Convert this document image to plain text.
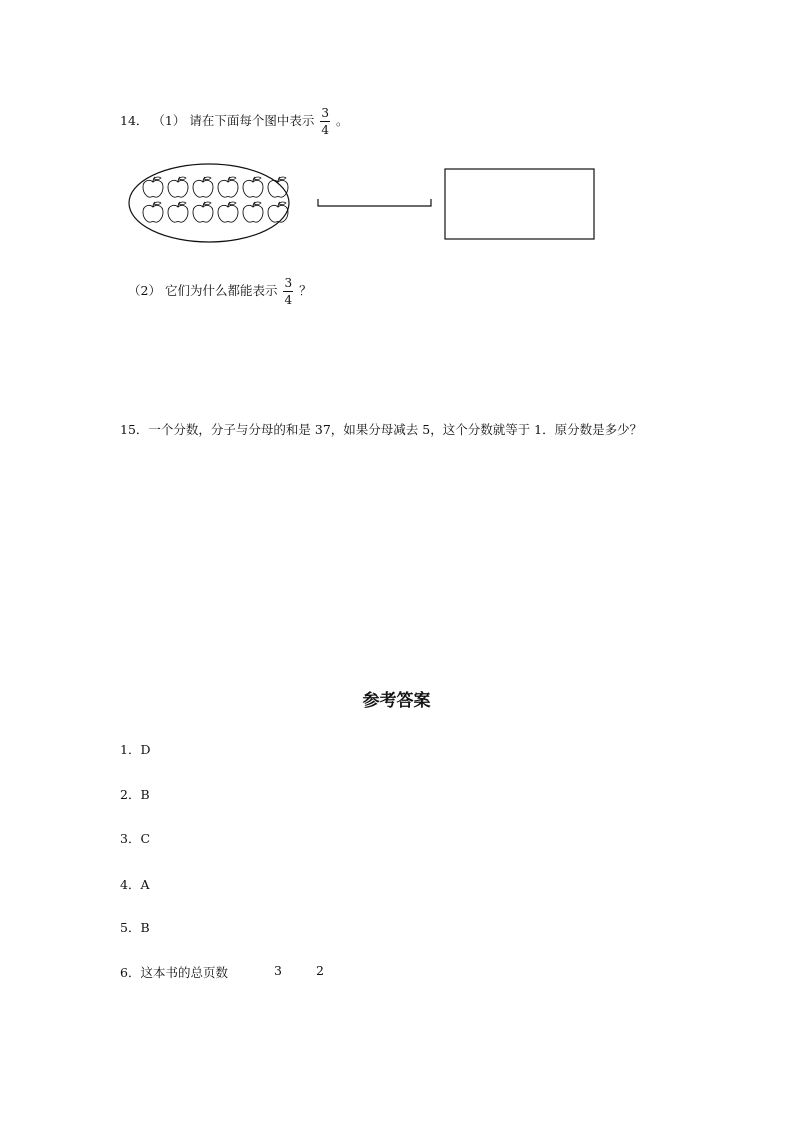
14． （1） 请在下面每个图中表示 $\frac{3}{4}$ 。
（2） 它们为什么都能表示 $\frac{3}{4}$ ？
15．一个分数，分子与分母的和是 37，如果分母减去 5，这个分数就等于 1．原分数是多少？
参考答案
1．D
2．B
3．C
4．A
5．B
6．这本书的总页数	3	2
